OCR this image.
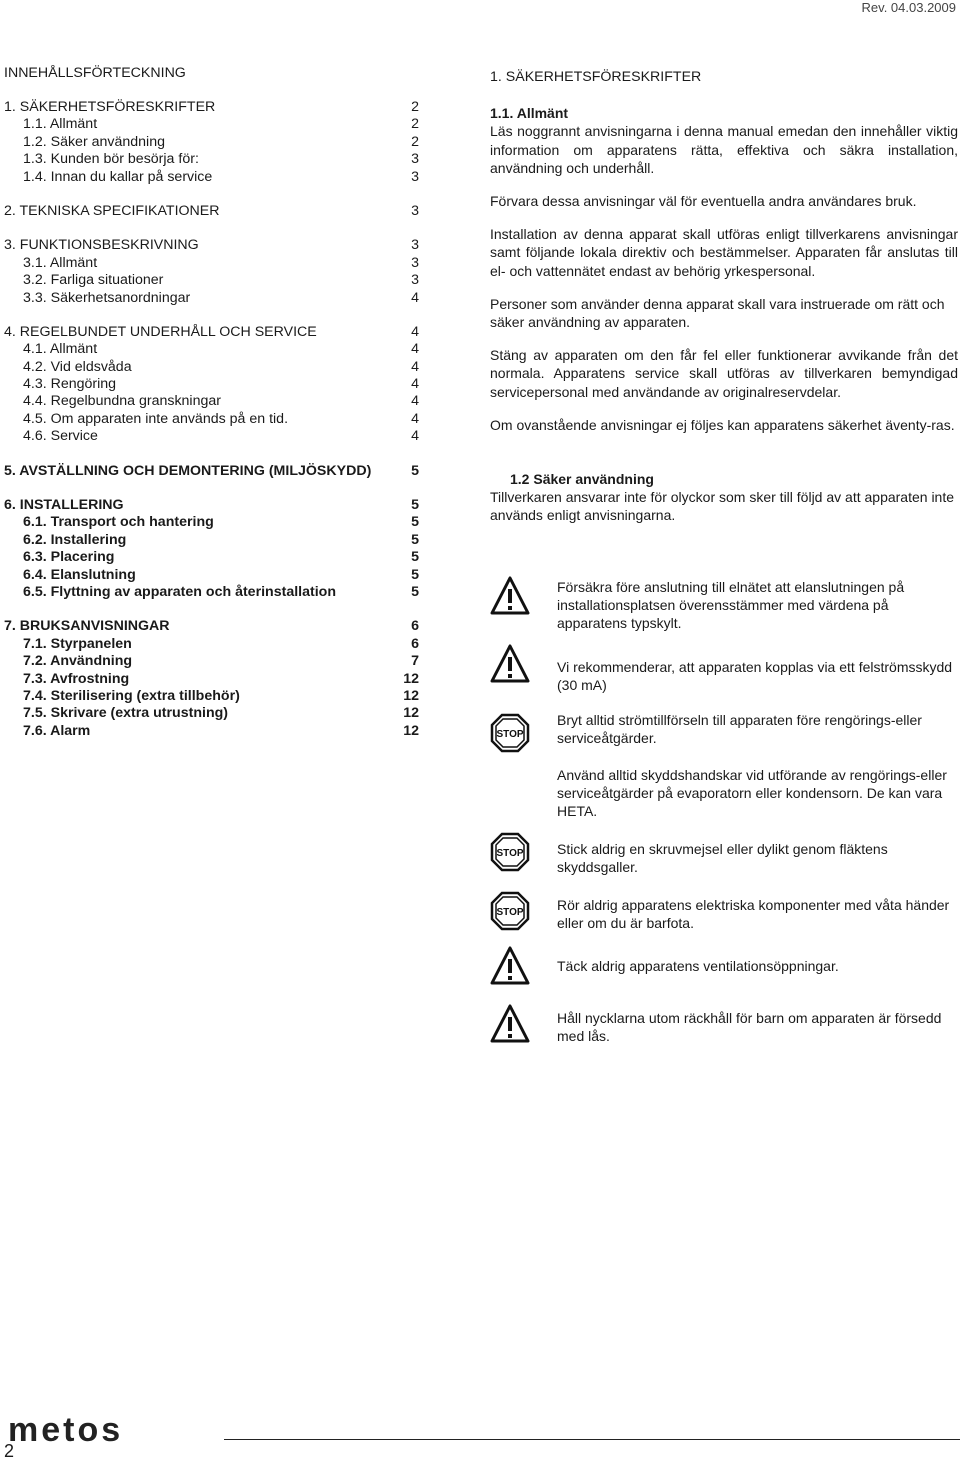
Rev. 04.03.2009
INNEHÅLLSFÖRTECKNING
1. SÄKERHETSFÖRESKRIFTER	2
1.1. Allmänt	2
1.2. Säker användning	2
1.3. Kunden bör besörja för:	3
1.4. Innan du kallar på service	3
2. TEKNISKA SPECIFIKATIONER	3
3. FUNKTIONSBESKRIVNING	3
3.1. Allmänt	3
3.2. Farliga situationer	3
3.3. Säkerhetsanordningar	4
4. REGELBUNDET UNDERHÅLL OCH SERVICE	4
4.1. Allmänt	4
4.2. Vid eldsvåda	4
4.3. Rengöring	4
4.4. Regelbundna granskningar	4
4.5. Om apparaten inte används på en tid.	4
4.6. Service	4
5. AVSTÄLLNING OCH DEMONTERING (MILJÖSKYDD)	5
6. INSTALLERING	5
6.1. Transport och hantering	5
6.2. Installering	5
6.3. Placering	5
6.4. Elanslutning	5
6.5. Flyttning av apparaten och återinstallation	5
7. BRUKSANVISNINGAR	6
7.1. Styrpanelen	6
7.2. Användning	7
7.3. Avfrostning	12
7.4. Sterilisering (extra tillbehör)	12
7.5. Skrivare (extra utrustning)	12
7.6. Alarm	12
1. SÄKERHETSFÖRESKRIFTER
1.1. Allmänt

Läs noggrannt anvisningarna i denna manual emedan den innehåller viktig information om apparatens rätta, effektiva och säkra installation, användning och underhåll.

Förvara dessa anvisningar väl för eventuella andra användares bruk.

Installation av denna apparat skall utföras enligt tillverkarens anvisningar samt följande lokala direktiv och bestämmelser. Apparaten får anslutas till el- och vattennätet endast av behörig yrkespersonal.

Personer som använder denna apparat skall vara instruerade om rätt och säker användning av apparaten.

Stäng av apparaten om den får fel eller funktionerar avvikande från det normala. Apparatens service skall utföras av tillverkaren bemyndigad servicepersonal med användande av originalreservdelar.

Om ovanstående anvisningar ej följes kan apparatens säkerhet äventy-ras.

1.2 Säker användning

Tillverkaren ansvarar inte för olyckor som sker till följd av att apparaten inte används enligt anvisningarna.

Försäkra före anslutning till elnätet att elanslutningen på installationsplatsen överensstämmer med värdena på apparatens typskylt.
Vi rekommenderar, att apparaten kopplas via ett felströmsskydd (30 mA)
STOP
Bryt alltid strömtillförseln till apparaten före rengörings-eller serviceåtgärder.
Använd alltid skyddshandskar vid utförande av rengörings-eller serviceåtgärder på evaporatorn eller kondensorn. De kan vara HETA.
STOP Stick aldrig en skruvmejsel eller dylikt genom fläktens skyddsgaller.
STOP Rör aldrig apparatens elektriska komponenter med våta händer eller om du är barfota.
Täck aldrig apparatens ventilationsöppningar.
Håll nycklarna utom räckhåll för barn om apparaten är försedd med lås.
metos
2
